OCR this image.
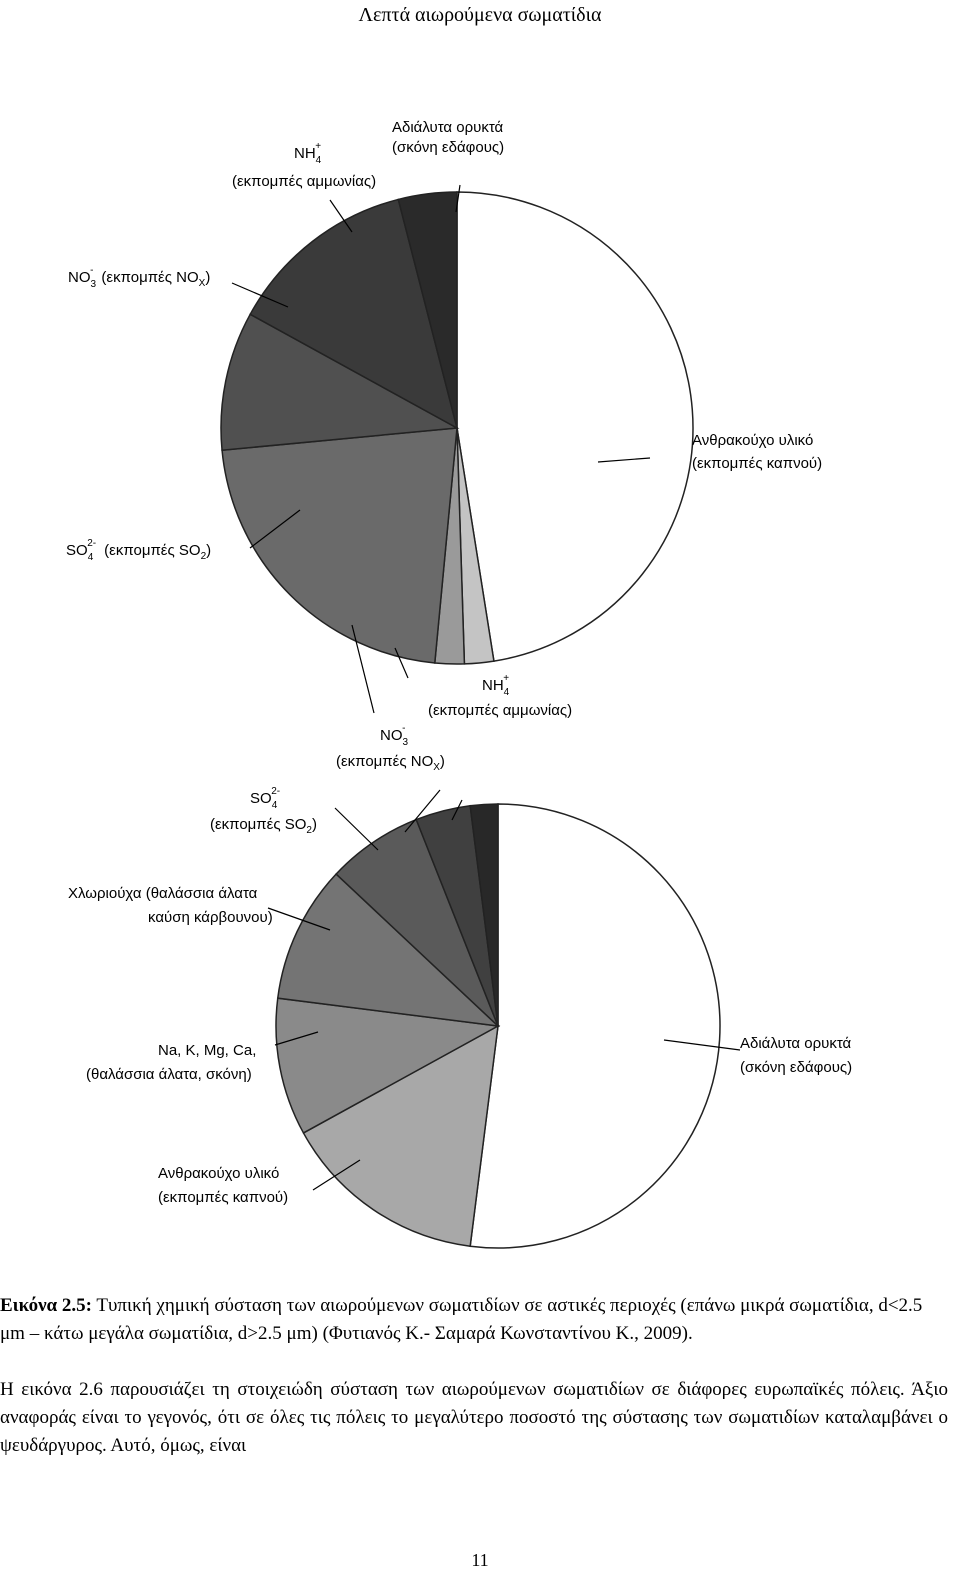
Λεπτά αιωρούμενα σωματίδια
Αδιάλυτα ορυκτά
(σκόνη εδάφους)
$NH_4+$
(εκπομπές αμμωνίας)
$NO_3-$ (εκπομπές $NO_X$)
Ανθρακούχο υλικό
(εκπομπές καπνού)
$SO_42-$ (εκπομπές $SO_2$)
$NH_4+$
(εκπομπές αμμωνίας)
$NO_3-$
(εκπομπές $NO_X$)
$SO_42-$
(εκπομπές $SO_2$)
Χλωριούχα (θαλάσσια άλατα
καύση κάρβουνου)
Αδιάλυτα ορυκτά
(σκόνη εδάφους)
Na, K, Mg, Ca,
(θαλάσσια άλατα, σκόνη)
Ανθρακούχο υλικό
(εκπομπές καπνού)
Εικόνα 2.5: Τυπική χημική σύσταση των αιωρούμενων σωματιδίων σε αστικές περιοχές (επάνω μικρά σωματίδια, d<2.5 μm – κάτω μεγάλα σωματίδια, d>2.5 μm) (Φυτιανός Κ.- Σαμαρά Κωνσταντίνου Κ., 2009).
Η εικόνα 2.6 παρουσιάζει τη στοιχειώδη σύσταση των αιωρούμενων σωματιδίων σε διάφορες ευρωπαϊκές πόλεις. Άξιο αναφοράς είναι το γεγονός, ότι σε όλες τις πόλεις το μεγαλύτερο ποσοστό της σύστασης των σωματιδίων καταλαμβάνει ο ψευδάργυρος. Αυτό, όμως, είναι
11
